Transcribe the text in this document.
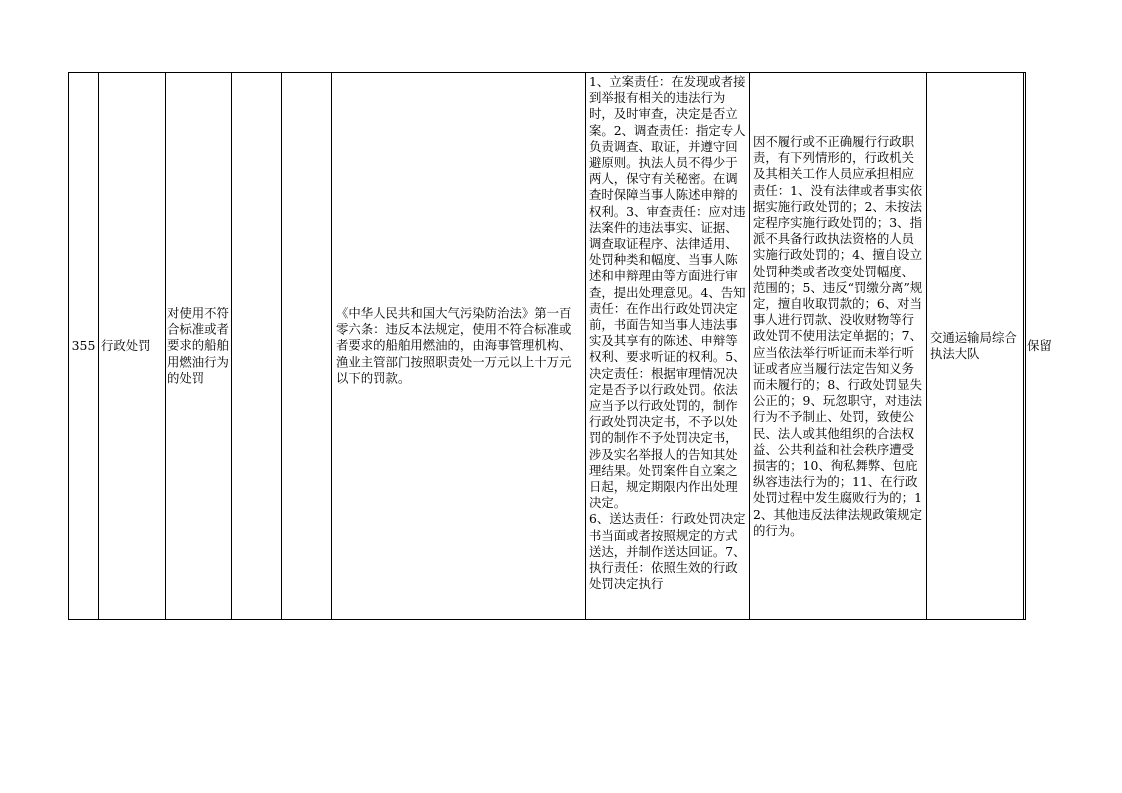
355 行政处罚
对使用不符合标准或者要求的船舶用燃油行为的处罚
《中华人民共和国大气污染防治法》第一百零六条：违反本法规定，使用不符合标准或者要求的船舶用燃油的，由海事管理机构、渔业主管部门按照职责处一万元以上十万元以下的罚款。

1、立案责任：在发现或者接到举报有相关的违法行为时，及时审查，决定是否立案。2、调查责任：指定专人负责调查、取证，并遵守回避原则。执法人员不得少于两人，保守有关秘密。在调查时保障当事人陈述申辩的权利。3、审查责任：应对违法案件的违法事实、证据、调查取证程序、法律适用、处罚种类和幅度、当事人陈述和申辩理由等方面进行审查，提出处理意见。4、告知责任：在作出行政处罚决定前，书面告知当事人违法事实及其享有的陈述、申辩等权利、要求听证的权利。5、决定责任：根据审理情况决定是否予以行政处罚。依法应当予以行政处罚的，制作行政处罚决定书，不予以处罚的制作不予处罚决定书，涉及实名举报人的告知其处理结果。处罚案件自立案之日起，规定期限内作出处理决定。

6、送达责任：行政处罚决定书当面或者按照规定的方式送达，并制作送达回证。7、执行责任：依照生效的行政处罚决定执行

因不履行或不正确履行行政职责，有下列情形的，行政机关及其相关工作人员应承担相应责任：1、没有法律或者事实依据实施行政处罚的；2、未按法定程序实施行政处罚的；3、指派不具备行政执法资格的人员实施行政处罚的；4、擅自设立处罚种类或者改变处罚幅度、范围的；5、违反“罚缴分离”规定，擅自收取罚款的；6、对当事人进行罚款、没收财物等行政处罚不使用法定单据的；7、应当依法举行听证而未举行听证或者应当履行法定告知义务而未履行的；8、行政处罚显失公正的；9、玩忽职守，对违法行为不予制止、处罚，致使公民、法人或其他组织的合法权益、公共利益和社会秩序遭受损害的；10、徇私舞弊、包庇纵容违法行为的；11、在行政处罚过程中发生腐败行为的；12、其他违反法律法规政策规定的行为。
交通运输局综合执法大队
保留
